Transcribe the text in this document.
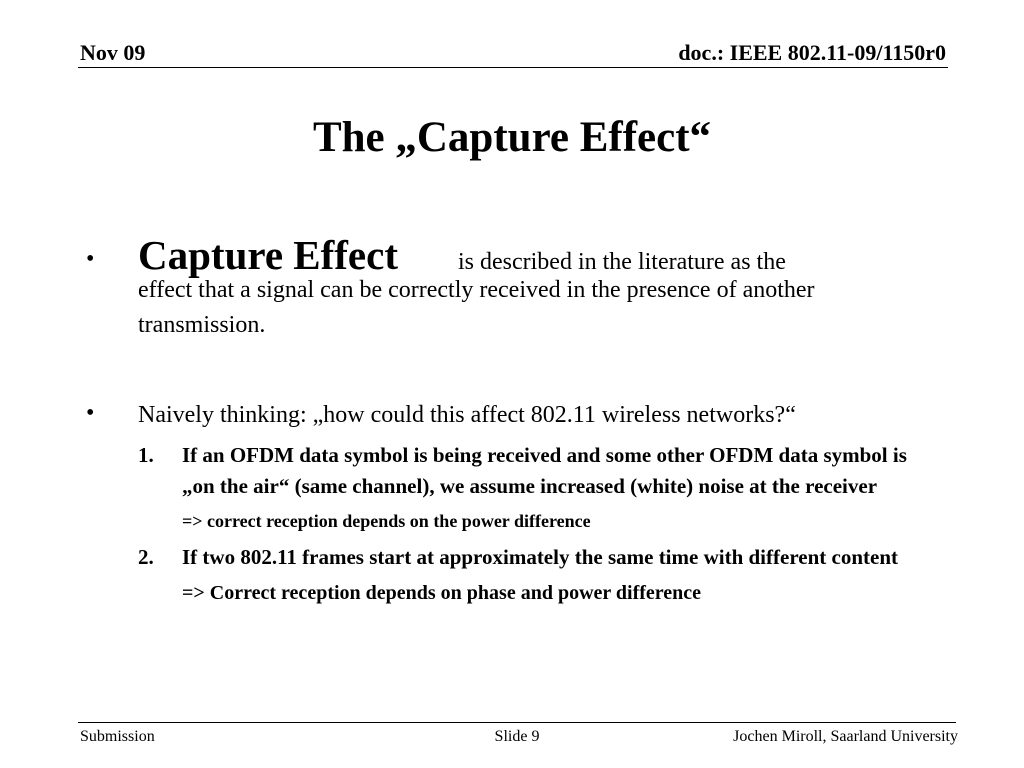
Nov 09	doc.: IEEE 802.11-09/1150r0
The „Capture Effect“
• Capture Effect	is described in the literature as the
effect that a signal can be correctly received in the presence of another transmission.
• Naively thinking: „how could this affect 802.11 wireless networks?“
1. If an OFDM data symbol is being received and some other OFDM data symbol is „on the air“ (same channel), we assume increased (white) noise at the receiver
=> correct reception depends on the power difference
2. If two 802.11 frames start at approximately the same time with different content
=> Correct reception depends on phase and power difference
Submission	Slide 9	Jochen Miroll, Saarland University
